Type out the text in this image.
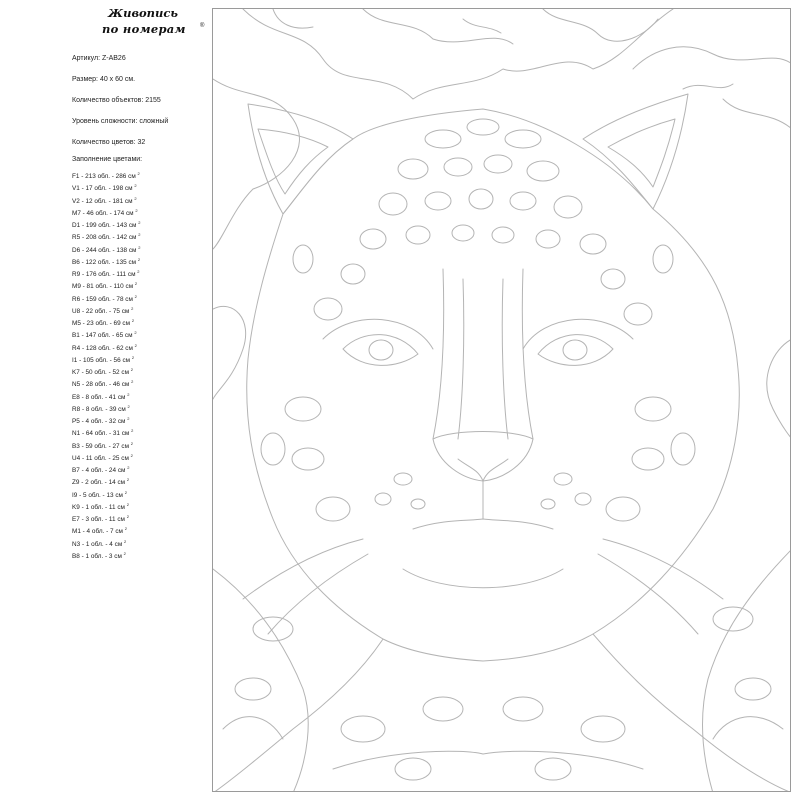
Живопись
по номерам ®
Артикул: Z-AB26
Размер: 40 х 60 см.
Количество объектов: 2155
Уровень сложности: сложный
Количество цветов: 32
Заполнение цветами:
F1 - 213 обл. - 286 см $^2$
V1 - 17 обл. - 198 см $^2$
V2 - 12 обл. - 181 см $^2$
M7 - 46 обл. - 174 см $^2$
D1 - 199 обл. - 143 см $^2$
R5 - 208 обл. - 142 см $^2$
D6 - 244 обл. - 138 см $^2$
B6 - 122 обл. - 135 см $^2$
R9 - 176 обл. - 111 см $^2$
M9 - 81 обл. - 110 см $^2$
R6 - 159 обл. - 78 см $^2$
U8 - 22 обл. - 75 см $^2$
M5 - 23 обл. - 69 см $^2$
B1 - 147 обл. - 65 см $^2$
R4 - 128 обл. - 62 см $^2$
I1 - 105 обл. - 56 см $^2$
K7 - 50 обл. - 52 см $^2$
N5 - 28 обл. - 46 см $^2$
E8 - 8 обл. - 41 см $^2$
R8 - 8 обл. - 39 см $^2$
P5 - 4 обл. - 32 см $^2$
N1 - 64 обл. - 31 см $^2$
B3 - 59 обл. - 27 см $^2$
U4 - 11 обл. - 25 см $^2$
B7 - 4 обл. - 24 см $^2$
Z9 - 2 обл. - 14 см $^2$
I9 - 5 обл. - 13 см $^2$
K9 - 1 обл. - 11 см $^2$
E7 - 3 обл. - 11 см $^2$
M1 - 4 обл. - 7 см $^2$
N3 - 1 обл. - 4 см $^2$
B8 - 1 обл. - 3 см $^2$
